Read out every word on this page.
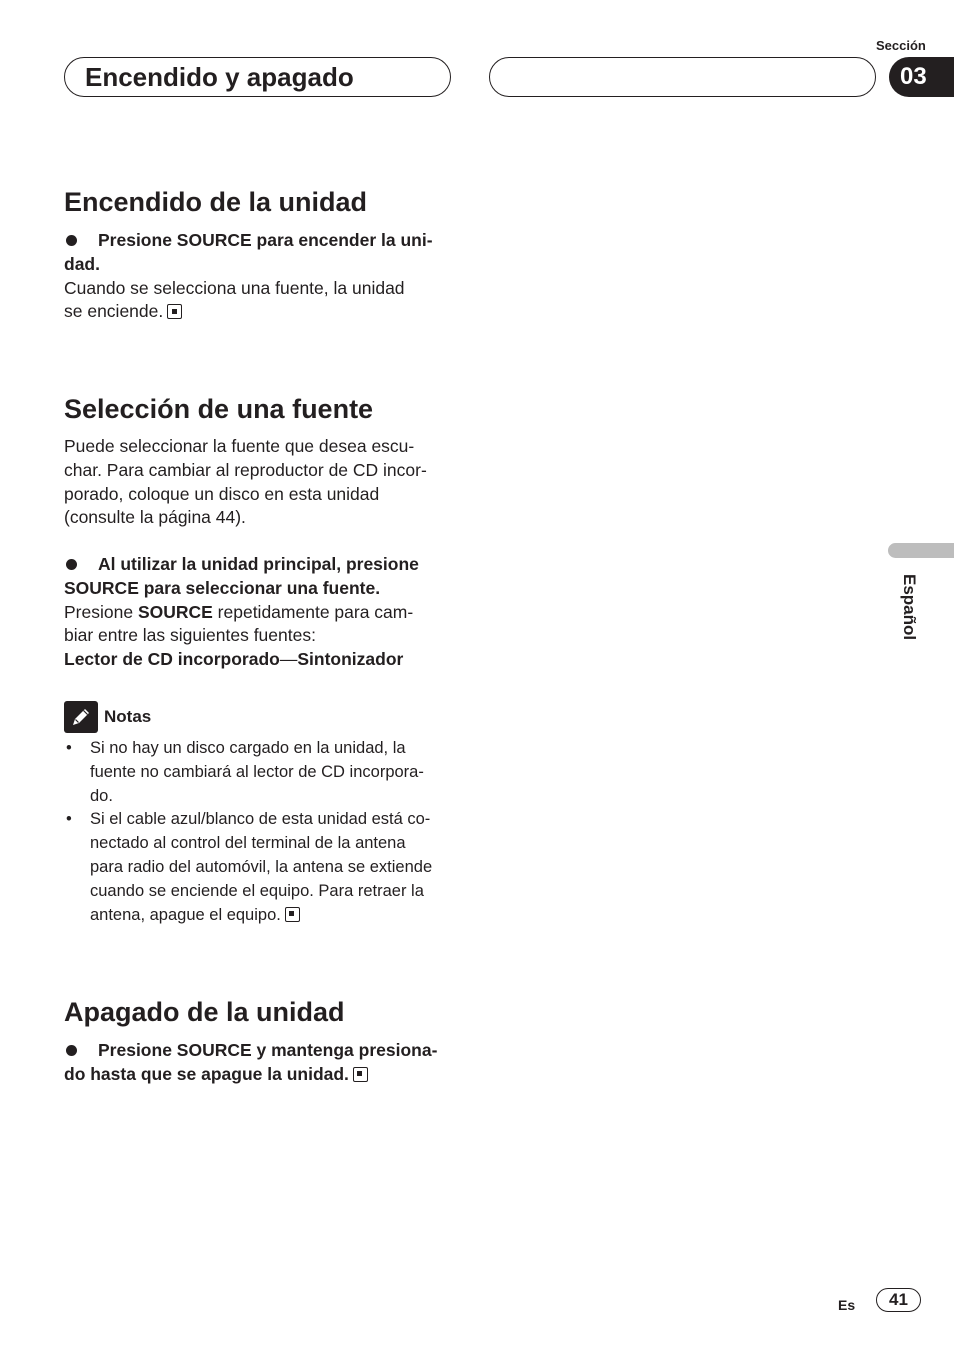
Encendido y apagado
Sección
03
Encendido de la unidad
Presione SOURCE para encender la uni-
dad.
Cuando se selecciona una fuente, la unidad
se enciende.
Selección de una fuente
Puede seleccionar la fuente que desea escu-
char. Para cambiar al reproductor de CD incor-
porado, coloque un disco en esta unidad
(consulte la página 44).
Al utilizar la unidad principal, presione
SOURCE para seleccionar una fuente.
Presione SOURCE repetidamente para cam-
biar entre las siguientes fuentes:
Lector de CD incorporado—Sintonizador
Notas
•	Si no hay un disco cargado en la unidad, la
fuente no cambiará al lector de CD incorpora-
do.
•	Si el cable azul/blanco de esta unidad está co-
nectado al control del terminal de la antena
para radio del automóvil, la antena se extiende
cuando se enciende el equipo. Para retraer la
antena, apague el equipo.
Apagado de la unidad
Presione SOURCE y mantenga presiona-
do hasta que se apague la unidad.
Español
Es	41
